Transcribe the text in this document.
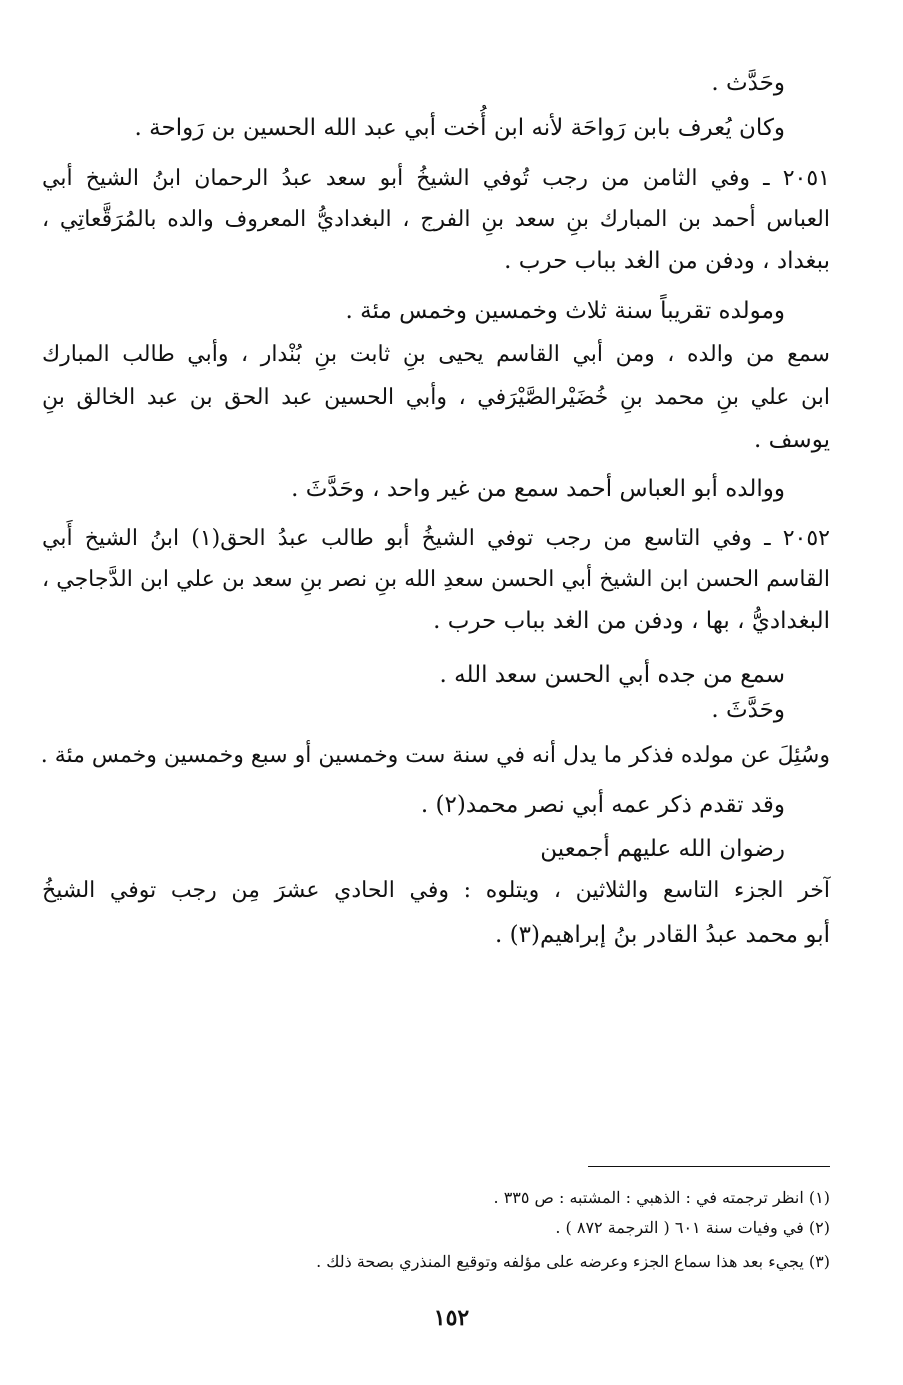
وحَدَّث .
وكان يُعرف بابن رَواحَة لأنه ابن أُخت أبي عبد الله الحسين بن رَواحة .
٢٠٥١ ـ وفي الثامن من رجب تُوفي الشيخُ أبو سعد عبدُ الرحمان ابنُ الشيخ أبي
العباس أحمد بن المبارك بنِ سعد بنِ الفرج ، البغداديُّ المعروف والده بالمُرَقَّعاتِي ،
ببغداد ، ودفن من الغد بباب حرب .
ومولده تقريباً سنة ثلاث وخمسين وخمس مئة .
سمع من والده ، ومن أبي القاسم يحيى بنِ ثابت بنِ بُنْدار ، وأبي طالب المبارك
ابن علي بنِ محمد بنِ خُضَيْرالصَّيْرَفي ، وأبي الحسين عبد الحق بن عبد الخالق بنِ
يوسف .
ووالده أبو العباس أحمد سمع من غير واحد ، وحَدَّثَ .
٢٠٥٢ ـ وفي التاسع من رجب توفي الشيخُ أبو طالب عبدُ الحق(١) ابنُ الشيخ أَبي
القاسم الحسن ابن الشيخ أبي الحسن سعدِ الله بنِ نصر بنِ سعد بن علي ابن الدَّجاجي ،
البغداديُّ ، بها ، ودفن من الغد بباب حرب .
سمع من جده أبي الحسن سعد الله .
وحَدَّثَ .
وسُئِلَ عن مولده فذكر ما يدل أنه في سنة ست وخمسين أو سبع وخمسين وخمس مئة .
وقد تقدم ذكر عمه أبي نصر محمد(٢) .
رضوان الله عليهم أجمعين
آخر الجزء التاسع والثلاثين ، ويتلوه : وفي الحادي عشرَ مِن رجب توفي الشيخُ
أبو محمد عبدُ القادر بنُ إبراهيم(٣) .
(١) انظر ترجمته في : الذهبي : المشتبه : ص ٣٣٥ .
(٢) في وفيات سنة ٦٠١ ( الترجمة ٨٧٢ ) .
(٣) يجيء بعد هذا سماع الجزء وعرضه على مؤلفه وتوقيع المنذري بصحة ذلك .
١٥٢
